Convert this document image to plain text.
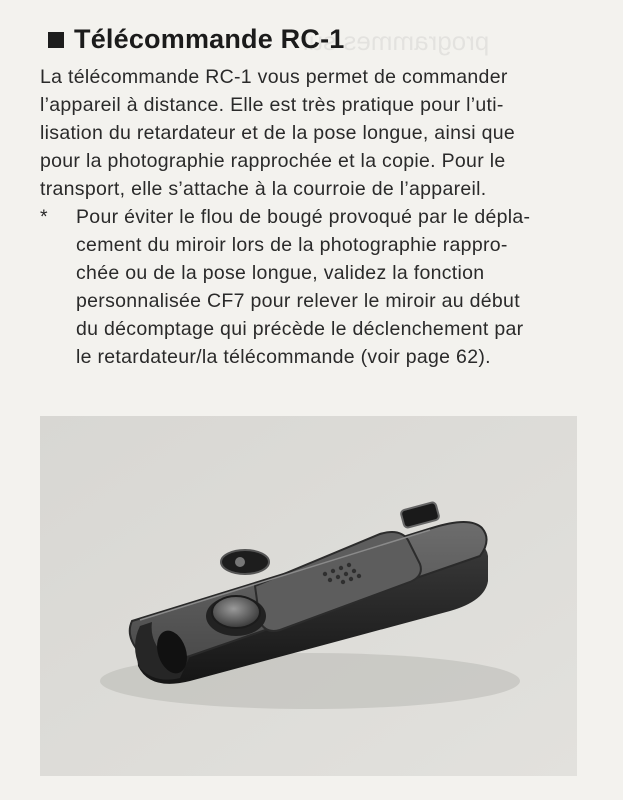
programmes sur
Télécommande RC-1
La télécommande RC-1 vous permet de commander
l’appareil à distance. Elle est très pratique pour l’uti-
lisation du retardateur et de la pose longue, ainsi que
pour la photographie rapprochée et la copie. Pour le
transport, elle s’attache à la courroie de l’appareil.
* Pour éviter le flou de bougé provoqué par le dépla-
cement du miroir lors de la photographie rappro-
chée ou de la pose longue, validez la fonction
personnalisée CF7 pour relever le miroir au début
du décomptage qui précède le déclenchement par
le retardateur/la télécommande (voir page 62).
